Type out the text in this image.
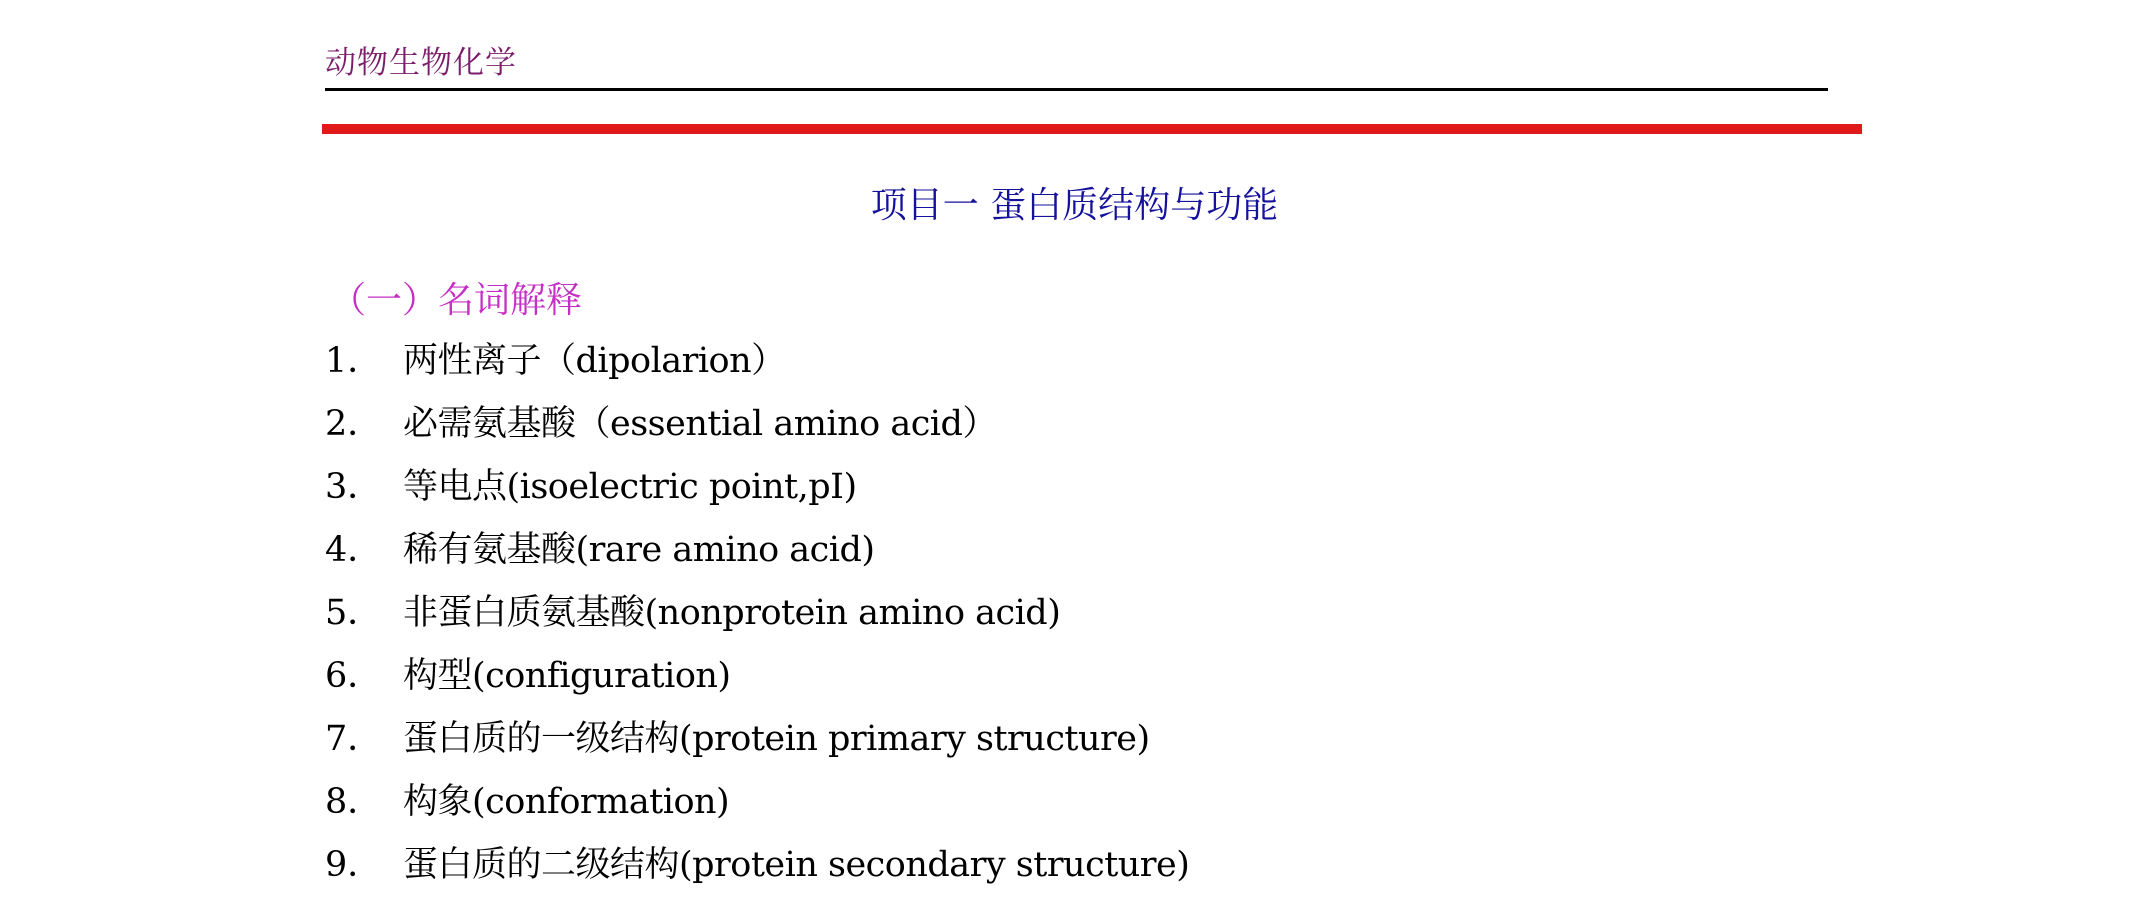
动物生物化学
项目一 蛋白质结构与功能
（一）名词解释
1． 两性离子（dipolarion）
2． 必需氨基酸（essential amino acid）
3． 等电点(isoelectric point,pI)
4． 稀有氨基酸(rare amino acid)
5． 非蛋白质氨基酸(nonprotein amino acid)
6． 构型(configuration)
7． 蛋白质的一级结构(protein primary structure)
8． 构象(conformation)
9． 蛋白质的二级结构(protein secondary structure)
